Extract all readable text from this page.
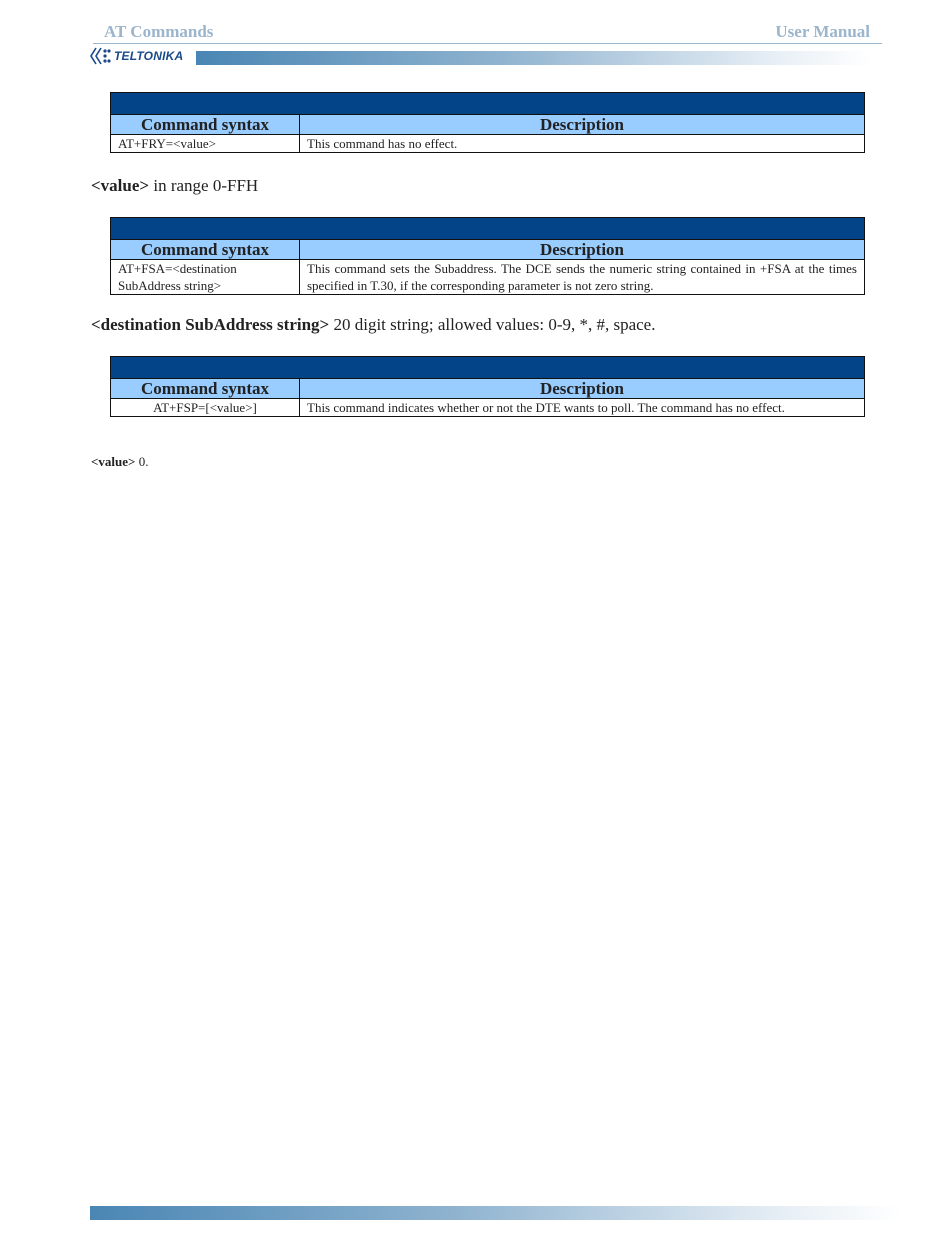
AT Commands	User Manual
TELTONIKA

Command syntax	Description
AT+FRY=<value>	This command has no effect.
<value> in range 0-FFH

Command syntax	Description
AT+FSA=<destination SubAddress string>	This command sets the Subaddress. The DCE sends the numeric string contained in +FSA at the times specified in T.30, if the corresponding parameter is not zero string.
<destination SubAddress string> 20 digit string; allowed values: 0-9, *, #, space.

Command syntax	Description
AT+FSP=[<value>]	This command indicates whether or not the DTE wants to poll. The command has no effect.
<value> 0.
